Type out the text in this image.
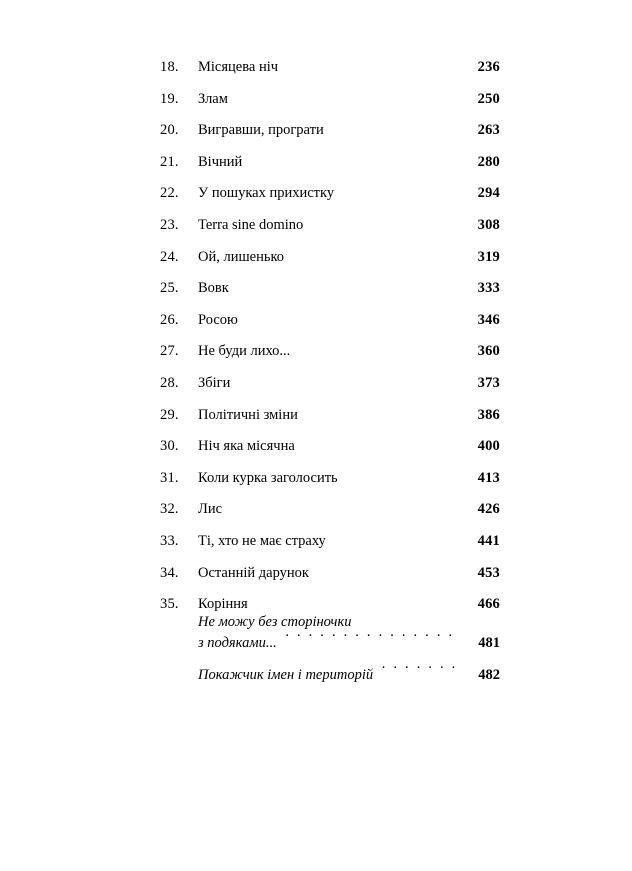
18.	Місяцева ніч · · ·	236
19.	Злам · · ·	250
20.	Вигравши, програти · · ·	263
21.	Вічний · · ·	280
22.	У пошуках прихистку · · ·	294
23.	Terra sine domino · · ·	308
24.	Ой, лишенько · · ·	319
25.	Вовк · · ·	333
26.	Росою · · ·	346
27.	Не буди лихо... · · ·	360
28.	Збіги · · ·	373
29.	Політичні зміни · · ·	386
30.	Ніч яка місячна · · ·	400
31.	Коли курка заголосить · · ·	413
32.	Лис · · ·	426
33.	Ті, хто не має страху · · ·	441
34.	Останній дарунок · · ·	453
35.	Коріння · · ·	466
Не можу без сторіночки
з подяками... · · ·	481
Покажчик імен і територій · · ·	482
